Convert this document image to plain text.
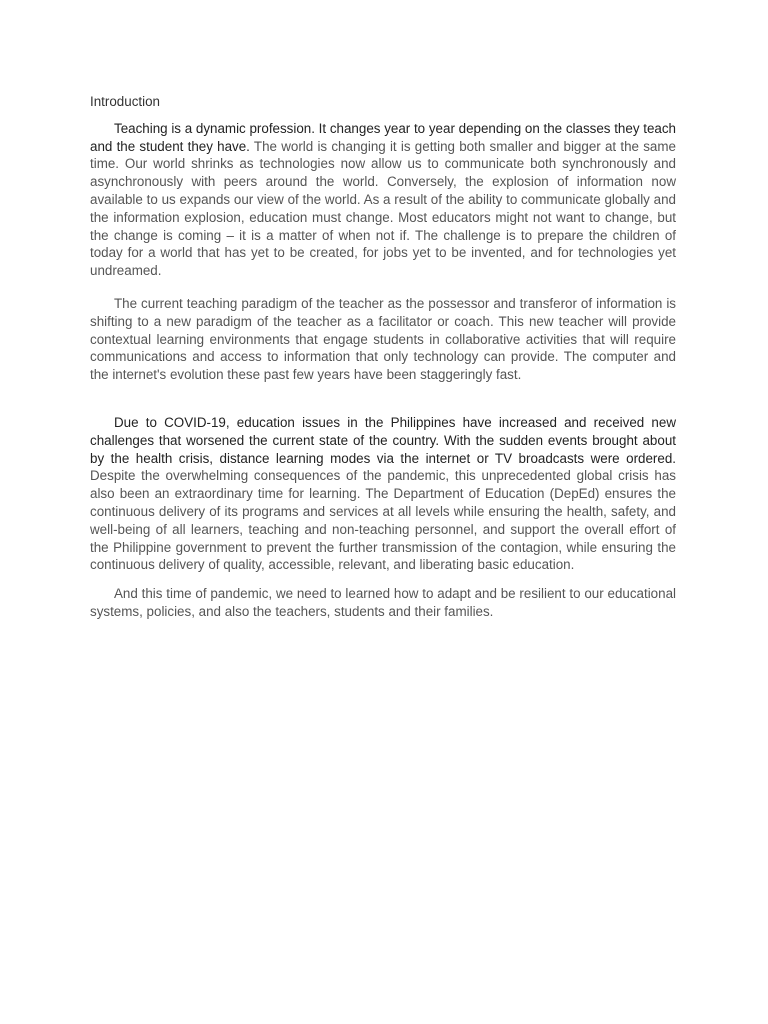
Introduction

Teaching is a dynamic profession. It changes year to year depending on the classes they teach and the student they have. The world is changing it is getting both smaller and bigger at the same time. Our world shrinks as technologies now allow us to communicate both synchronously and asynchronously with peers around the world. Conversely, the explosion of information now available to us expands our view of the world. As a result of the ability to communicate globally and the information explosion, education must change. Most educators might not want to change, but the change is coming – it is a matter of when not if. The challenge is to prepare the children of today for a world that has yet to be created, for jobs yet to be invented, and for technologies yet undreamed.

The current teaching paradigm of the teacher as the possessor and transferor of information is shifting to a new paradigm of the teacher as a facilitator or coach. This new teacher will provide contextual learning environments that engage students in collaborative activities that will require communications and access to information that only technology can provide. The computer and the internet's evolution these past few years have been staggeringly fast.

Due to COVID-19, education issues in the Philippines have increased and received new challenges that worsened the current state of the country. With the sudden events brought about by the health crisis, distance learning modes via the internet or TV broadcasts were ordered. Despite the overwhelming consequences of the pandemic, this unprecedented global crisis has also been an extraordinary time for learning. The Department of Education (DepEd) ensures the continuous delivery of its programs and services at all levels while ensuring the health, safety, and well-being of all learners, teaching and non-teaching personnel, and support the overall effort of the Philippine government to prevent the further transmission of the contagion, while ensuring the continuous delivery of quality, accessible, relevant, and liberating basic education.

And this time of pandemic, we need to learned how to adapt and be resilient to our educational systems, policies, and also the teachers, students and their families.
